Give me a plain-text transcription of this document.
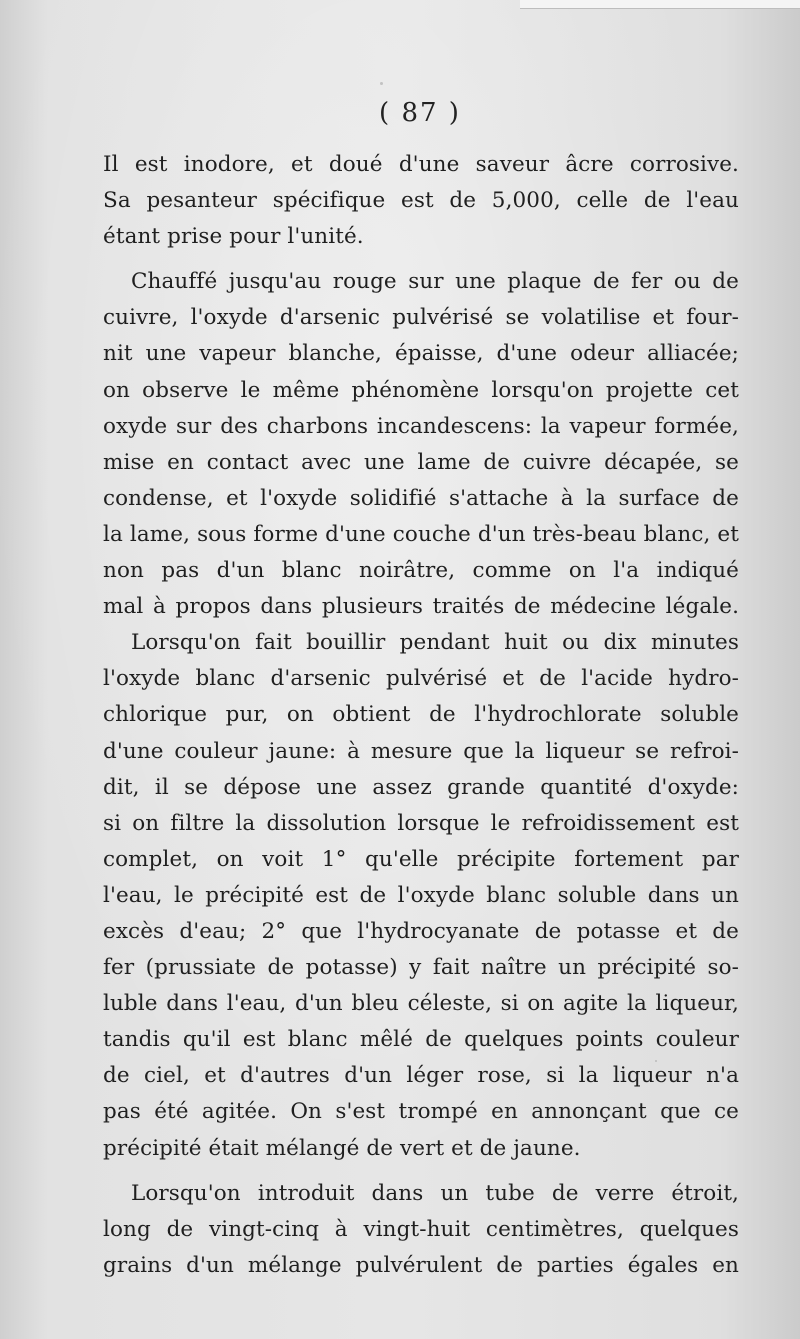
( 87 )
Il est inodore, et doué d'une saveur âcre corrosive.
Sa pesanteur spécifique est de 5,000, celle de l'eau
étant prise pour l'unité.
Chauffé jusqu'au rouge sur une plaque de fer ou de
cuivre, l'oxyde d'arsenic pulvérisé se volatilise et four-
nit une vapeur blanche, épaisse, d'une odeur alliacée;
on observe le même phénomène lorsqu'on projette cet
oxyde sur des charbons incandescens: la vapeur formée,
mise en contact avec une lame de cuivre décapée, se
condense, et l'oxyde solidifié s'attache à la surface de
la lame, sous forme d'une couche d'un très-beau blanc, et
non pas d'un blanc noirâtre, comme on l'a indiqué
mal à propos dans plusieurs traités de médecine légale.
Lorsqu'on fait bouillir pendant huit ou dix minutes
l'oxyde blanc d'arsenic pulvérisé et de l'acide hydro-
chlorique pur, on obtient de l'hydrochlorate soluble
d'une couleur jaune: à mesure que la liqueur se refroi-
dit, il se dépose une assez grande quantité d'oxyde:
si on filtre la dissolution lorsque le refroidissement est
complet, on voit 1° qu'elle précipite fortement par
l'eau, le précipité est de l'oxyde blanc soluble dans un
excès d'eau; 2° que l'hydrocyanate de potasse et de
fer (prussiate de potasse) y fait naître un précipité so-
luble dans l'eau, d'un bleu céleste, si on agite la liqueur,
tandis qu'il est blanc mêlé de quelques points couleur
de ciel, et d'autres d'un léger rose, si la liqueur n'a
pas été agitée. On s'est trompé en annonçant que ce
précipité était mélangé de vert et de jaune.
Lorsqu'on introduit dans un tube de verre étroit,
long de vingt-cinq à vingt-huit centimètres, quelques
grains d'un mélange pulvérulent de parties égales en
